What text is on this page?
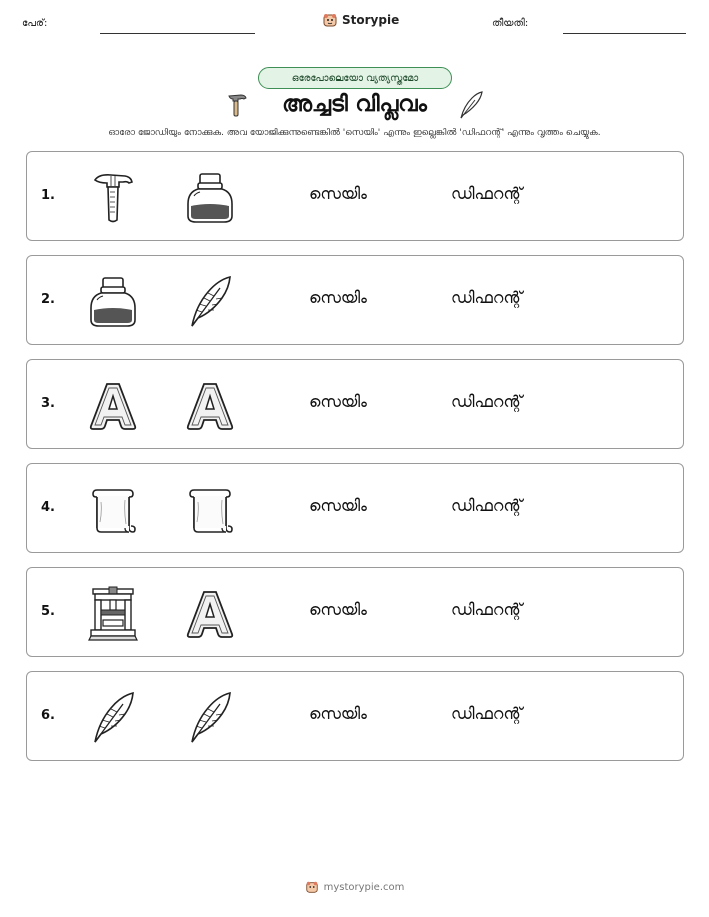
പേര്:	Storypie	തീയതി:
ഒരേപോലെയോ വ്യത്യസ്തമോ
അച്ചടി വിപ്ലവം
ഓരോ ജോഡിയും നോക്കുക. അവ യോജിക്കുന്നുണ്ടെങ്കിൽ 'സെയിം' എന്നും ഇല്ലെങ്കിൽ 'ഡിഫറന്റ്' എന്നും വൃത്തം ചെയ്യുക.
1.	സെയിം	ഡിഫറന്റ്
2.	സെയിം	ഡിഫറന്റ്
3.	സെയിം	ഡിഫറന്റ്
4.	സെയിം	ഡിഫറന്റ്
5.	സെയിം	ഡിഫറന്റ്
6.	സെയിം	ഡിഫറന്റ്
mystorypie.com
